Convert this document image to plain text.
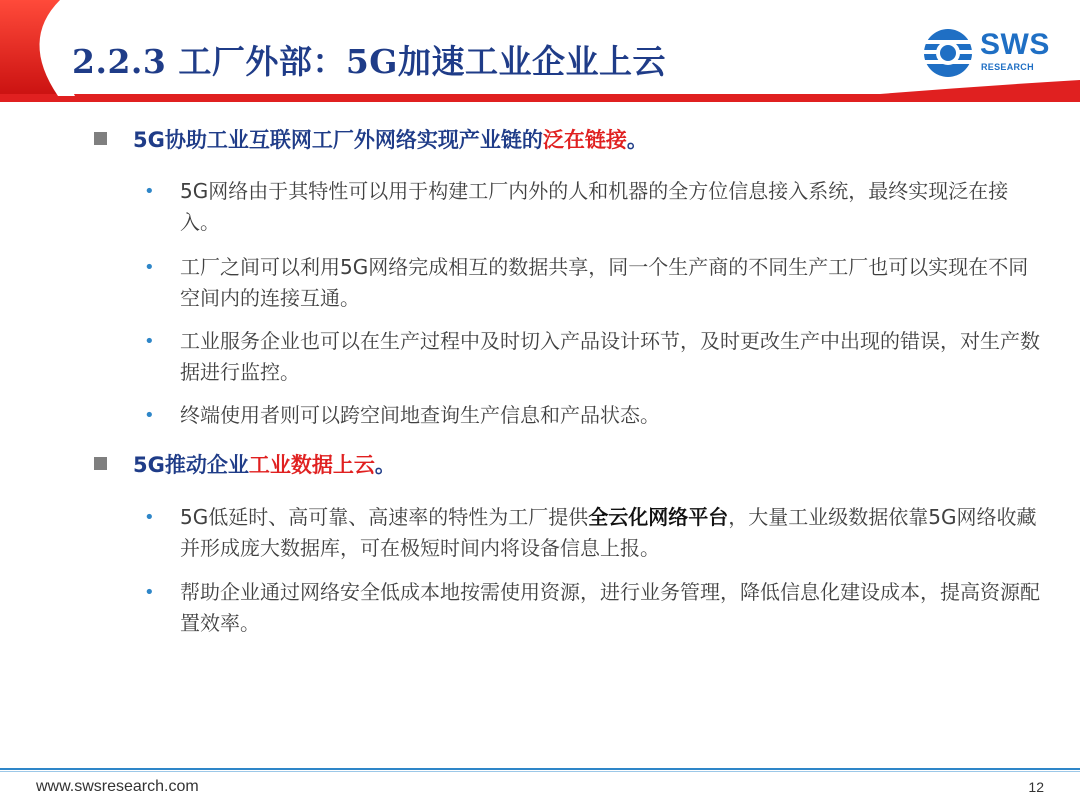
2.2.3 工厂外部：5G加速工业企业上云	SWS
RESEARCH
5G协助工业互联网工厂外网络实现产业链的泛在链接。
• 5G网络由于其特性可以用于构建工厂内外的人和机器的全方位信息接入系统，最终实现泛在接入。
• 工厂之间可以利用5G网络完成相互的数据共享，同一个生产商的不同生产工厂也可以实现在不同空间内的连接互通。
• 工业服务企业也可以在生产过程中及时切入产品设计环节，及时更改生产中出现的错误，对生产数据进行监控。
• 终端使用者则可以跨空间地查询生产信息和产品状态。
5G推动企业工业数据上云。
• 5G低延时、高可靠、高速率的特性为工厂提供全云化网络平台，大量工业级数据依靠5G网络收藏并形成庞大数据库，可在极短时间内将设备信息上报。
• 帮助企业通过网络安全低成本地按需使用资源，进行业务管理，降低信息化建设成本，提高资源配置效率。
www.swsresearch.com	12
